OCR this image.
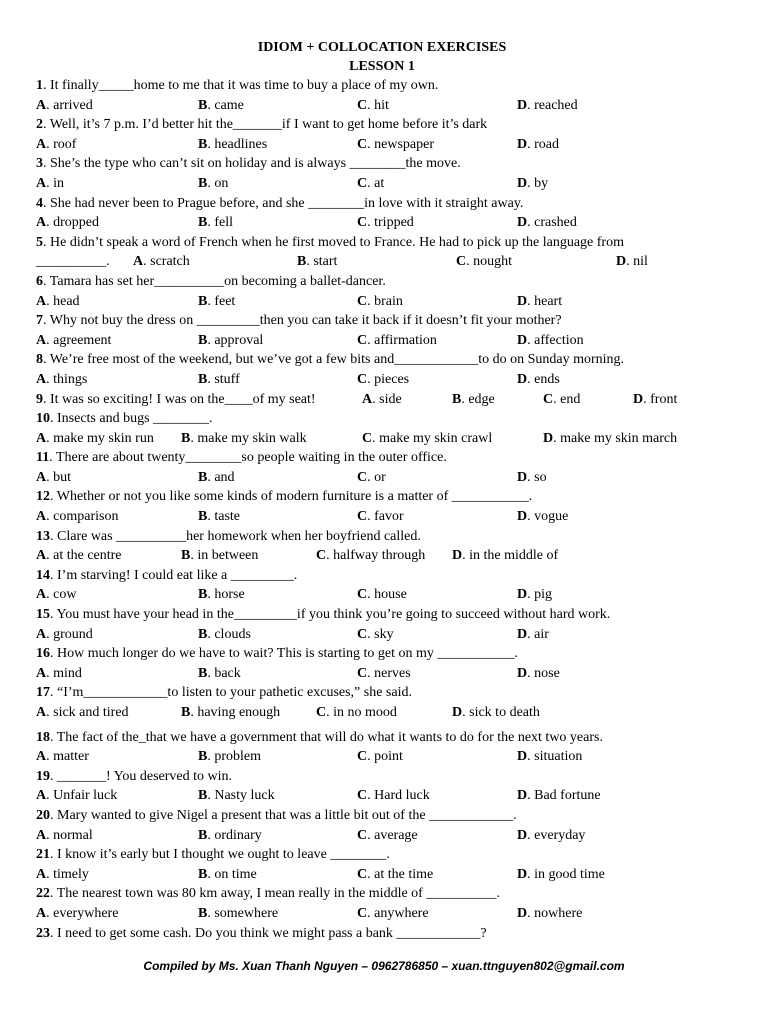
IDIOM + COLLOCATION EXERCISES
LESSON 1
1. It finally_____home to me that it was time to buy a place of my own.
A. arrived	B. came	C. hit	D. reached
2. Well, it’s 7 p.m. I’d better hit the_______if I want to get home before it’s dark
A. roof	B. headlines	C. newspaper	D. road
3. She’s the type who can’t sit on holiday and is always ________the move.
A. in	B. on	C. at	D. by
4. She had never been to Prague before, and she ________in love with it straight away.
A. dropped	B. fell	C. tripped	D. crashed
5. He didn’t speak a word of French when he first moved to France. He had to pick up the language from
__________. A. scratch	B. start	C. nought	D. nil
6. Tamara has set her__________on becoming a ballet-dancer.
A. head	B. feet	C. brain	D. heart
7. Why not buy the dress on _________then you can take it back if it doesn’t fit your mother?
A. agreement	B. approval	C. affirmation	D. affection
8. We’re free most of the weekend, but we’ve got a few bits and____________to do on Sunday morning.
A. things	B. stuff	C. pieces	D. ends
9. It was so exciting! I was on the____of my seat!	A. side	B. edge	C. end	D. front
10. Insects and bugs ________.
A. make my skin run B. make my skin walk	C. make my skin crawl	D. make my skin march
11. There are about twenty________so people waiting in the outer office.
A. but	B. and	C. or	D. so
12. Whether or not you like some kinds of modern furniture is a matter of ___________.
A. comparison	B. taste	C. favor	D. vogue
13. Clare was __________her homework when her boyfriend called.
A. at the centre	B. in between	C. halfway through D. in the middle of
14. I’m starving! I could eat like a _________.
A. cow	B. horse	C. house	D. pig
15. You must have your head in the_________if you think you’re going to succeed without hard work.
A. ground	B. clouds	C. sky	D. air
16. How much longer do we have to wait? This is starting to get on my ___________.
A. mind	B. back	C. nerves	D. nose
17. “I’m____________to listen to your pathetic excuses,” she said.
A. sick and tired	B. having enough	C. in no mood	D. sick to death
18. The fact of the_that we have a government that will do what it wants to do for the next two years.
A. matter	B. problem	C. point	D. situation
19. _______! You deserved to win.
A. Unfair luck	B. Nasty luck	C. Hard luck	D. Bad fortune
20. Mary wanted to give Nigel a present that was a little bit out of the ____________.
A. normal	B. ordinary	C. average	D. everyday
21. I know it’s early but I thought we ought to leave ________.
A. timely	B. on time	C. at the time	D. in good time
22. The nearest town was 80 km away, I mean really in the middle of __________.
A. everywhere	B. somewhere	C. anywhere	D. nowhere
23. I need to get some cash. Do you think we might pass a bank ____________?
Compiled by Ms. Xuan Thanh Nguyen – 0962786850 – xuan.ttnguyen802@gmail.com
